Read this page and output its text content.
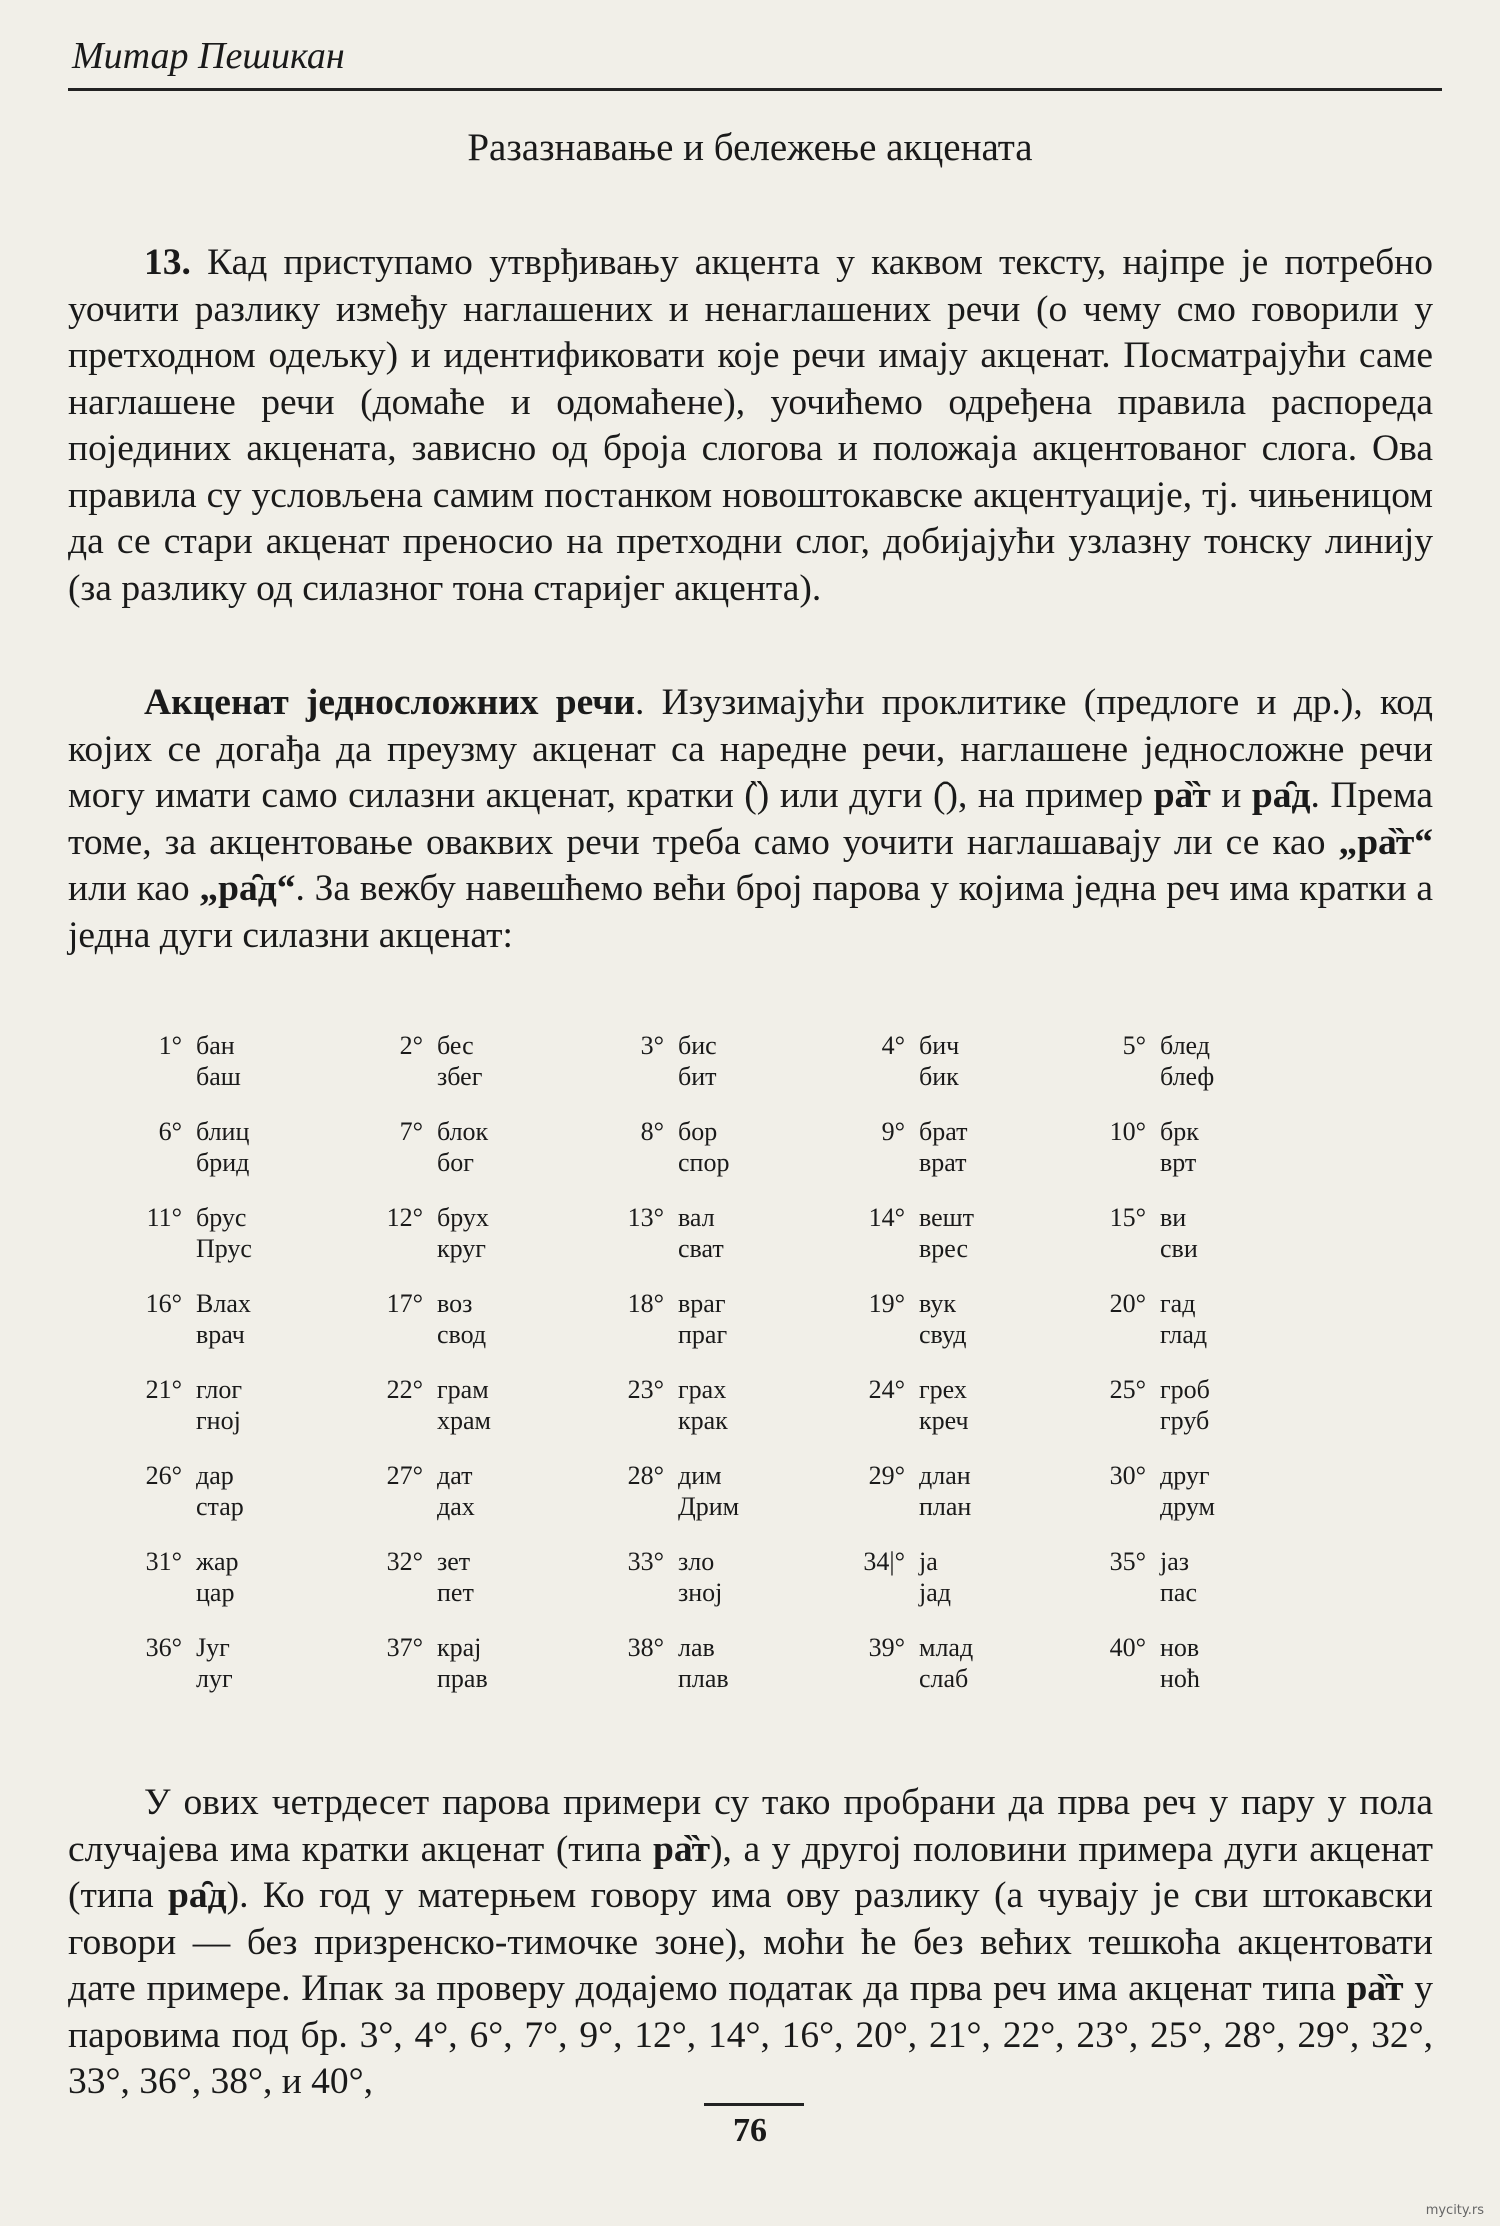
Митар Пешикан
Разазнавање и бележење акцената

13. Кад приступамо утврђивању акцента у каквом тексту, најпре је потребно уочити разлику између наглашених и ненаглашених речи (о чему смо говорили у претходном одељку) и идентификовати које речи имају акценат. Посматрајући саме наглашене речи (домаће и одомаћене), уочићемо одређена правила распореда појединих акцената, зависно од броја слогова и положаја акцентованог слога. Ова правила су условљена самим постанком новоштокавске акцентуације, тј. чињеницом да се стари акценат преносио на претходни слог, добијајући узлазну тонску линију (за разлику од силазног тона старијег акцента).

Акценат једносложних речи. Изузимајући проклитике (предлоге и др.), код којих се догађа да преузму акценат са наредне речи, наглашене једносложне речи могу имати само силазни акценат, кратки (̏) или дуги (̑), на пример ра̏т и ра̑д. Према томе, за акцентовање оваквих речи треба само уочити наглашавају ли се као „ра̏т“ или као „ра̑д“. За вежбу навешћемо већи број парова у којима једна реч има кратки а једна дуги силазни акценат:

1° бан
баш
2° бес
збег
3° бис
бит
4° бич
бик
5° блед
блеф
6° блиц
брид
7° блок
бог
8° бор
спор
9° брат
врат
10° брк
врт
11° брус
Прус
12° брух
круг
13° вал
сват
14° вешт
врес
15° ви
сви
16° Влах
врач
17° воз
свод
18° враг
праг
19° вук
свуд
20° гад
глад
21° глог
гној
22° грам
храм
23° грах
крак
24° грех
креч
25° гроб
груб
26° дар
стар
27° дат
дах
28° дим
Дрим
29° длан
план
30° друг
друм
31° жар
цар
32° зет
пет
33° зло
зној
34|° ја
јад
35° јаз
пас
36° Југ
луг
37° крај
прав
38° лав
плав
39° млад
слаб
40° нов
ноћ

У ових четрдесет парова примери су тако пробрани да прва реч у пару у пола случајева има кратки акценат (типа ра̏т), а у другој половини примера дуги акценат (типа ра̑д). Ко год у матерњем говору има ову разлику (а чувају је сви штокавски говори — без призренско-тимочке зоне), моћи ће без већих тешкоћа акцентовати дате примере. Ипак за проверу додајемо податак да прва реч има акценат типа ра̏т у паровима под бр. 3°, 4°, 6°, 7°, 9°, 12°, 14°, 16°, 20°, 21°, 22°, 23°, 25°, 28°, 29°, 32°, 33°, 36°, 38°, и 40°,

76
mycity.rs
